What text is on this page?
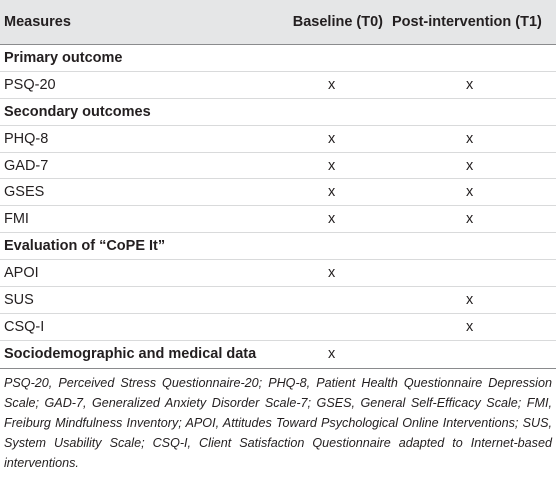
Measures	Baseline (T0)	Post-intervention (T1)
Primary outcome		
PSQ-20	x	x
Secondary outcomes		
PHQ-8	x	x
GAD-7	x	x
GSES	x	x
FMI	x	x
Evaluation of “CoPE It”		
APOI	x	
SUS		x
CSQ-I		x
Sociodemographic and medical data	x	
PSQ-20, Perceived Stress Questionnaire-20; PHQ-8, Patient Health Questionnaire Depression Scale; GAD-7, Generalized Anxiety Disorder Scale-7; GSES, General Self-Efficacy Scale; FMI, Freiburg Mindfulness Inventory; APOI, Attitudes Toward Psychological Online Interventions; SUS, System Usability Scale; CSQ-I, Client Satisfaction Questionnaire adapted to Internet-based interventions.
